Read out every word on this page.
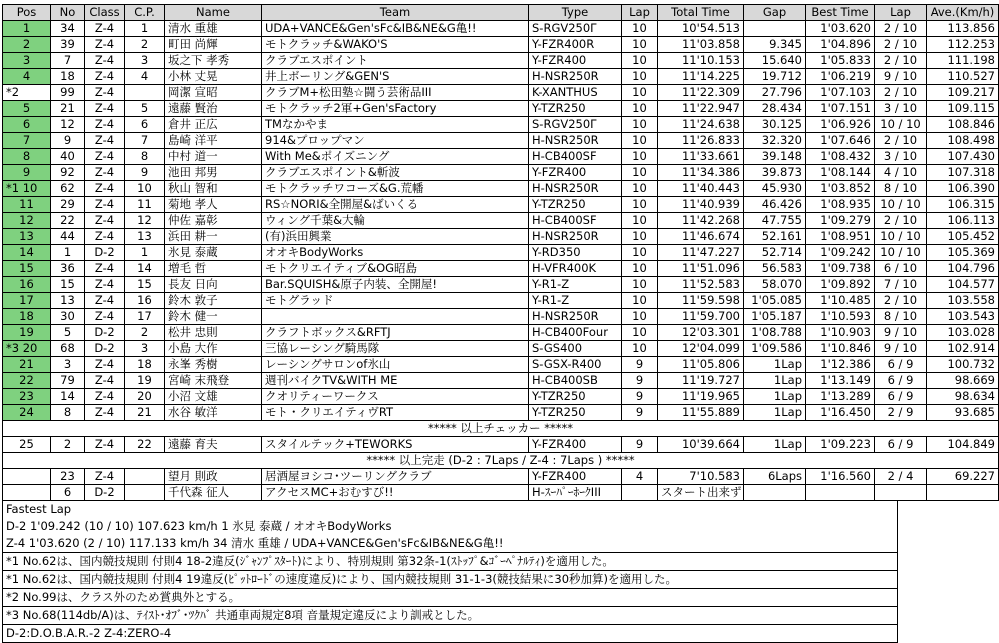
Pos	No	Class	C.P.	Name	Team	Type	Lap	Total Time	Gap	Best Time	Lap	Ave.(Km/h)
1	34	Z-4	1	清水 重雄	UDA+VANCE&Gen'sFc&IB&NE&G亀!!	S-RGV250Γ	10	10'54.513		1'03.620	2 / 10	113.856
2	39	Z-4	2	町田 尚輝	モトクラッチ&WAKO'S	Y-FZR400R	10	11'03.858	9.345	1'04.896	2 / 10	112.253
3	7	Z-4	3	坂之下 孝秀	クラブエスポイント	Y-FZR400	10	11'10.153	15.640	1'05.833	2 / 10	111.198
4	18	Z-4	4	小林 丈晃	井上ボーリング&GEN'S	H-NSR250R	10	11'14.225	19.712	1'06.219	9 / 10	110.527
*2	99	Z-4		岡潔 宣昭	クラブM+松田塾☆闘う芸術品III	K-XANTHUS	10	11'22.309	27.796	1'07.103	2 / 10	109.217
5	21	Z-4	5	遠藤 賢治	モトクラッチ2軍+Gen'sFactory	Y-TZR250	10	11'22.947	28.434	1'07.151	3 / 10	109.115
6	12	Z-4	6	倉井 正広	TMなかやま	S-RGV250Γ	10	11'24.638	30.125	1'06.926	10 / 10	108.846
7	9	Z-4	7	島崎 洋平	914&プロップマン	H-NSR250R	10	11'26.833	32.320	1'07.646	2 / 10	108.498
8	40	Z-4	8	中村 道一	With Me&ポイズニング	H-CB400SF	10	11'33.661	39.148	1'08.432	3 / 10	107.430
9	92	Z-4	9	池田 邦男	クラブエスポイント&斬波	Y-FZR400	10	11'34.386	39.873	1'08.144	4 / 10	107.318
*1 10	62	Z-4	10	秋山 智和	モトクラッチワコーズ&G.荒幡	H-NSR250R	10	11'40.443	45.930	1'03.852	8 / 10	106.390
11	29	Z-4	11	菊地 孝人	RS☆NORI&全開屋&ばいくる	Y-TZR250	10	11'40.939	46.426	1'08.935	10 / 10	106.315
12	22	Z-4	12	仲佐 嘉彰	ウィング千葉&大輪	H-CB400SF	10	11'42.268	47.755	1'09.279	2 / 10	106.113
13	44	Z-4	13	浜田 耕一	(有)浜田興業	H-NSR250R	10	11'46.674	52.161	1'08.951	10 / 10	105.452
14	1	D-2	1	氷見 泰蔵	オオキBodyWorks	Y-RD350	10	11'47.227	52.714	1'09.242	10 / 10	105.369
15	36	Z-4	14	増毛 哲	モトクリエイティブ&OG昭島	H-VFR400K	10	11'51.096	56.583	1'09.738	6 / 10	104.796
16	15	Z-4	15	長友 日向	Bar.SQUISH&原子内装、全開屋!	Y-R1-Z	10	11'52.583	58.070	1'09.892	7 / 10	104.577
17	13	Z-4	16	鈴木 敦子	モトグラッド	Y-R1-Z	10	11'59.598	1'05.085	1'10.485	2 / 10	103.558
18	30	Z-4	17	鈴木 健一		H-NSR250R	10	11'59.700	1'05.187	1'10.593	8 / 10	103.543
19	5	D-2	2	松井 忠則	クラフトボックス&RFTJ	H-CB400Four	10	12'03.301	1'08.788	1'10.903	9 / 10	103.028
*3 20	68	D-2	3	小島 大作	三協レーシング騎馬隊	S-GS400	10	12'04.099	1'09.586	1'10.846	9 / 10	102.914
21	3	Z-4	18	永峯 秀樹	レーシングサロンof氷山	S-GSX-R400	9	11'05.806	1Lap	1'12.386	6 / 9	100.732
22	79	Z-4	19	宮崎 末飛登	週刊バイクTV&WITH ME	H-CB400SB	9	11'19.727	1Lap	1'13.149	6 / 9	98.669
23	14	Z-4	20	小沼 文雄	クオリティーワークス	Y-TZR250	9	11'19.965	1Lap	1'13.289	6 / 9	98.634
24	8	Z-4	21	水谷 敏洋	モト・クリエイティヴRT	Y-TZR250	9	11'55.889	1Lap	1'16.450	2 / 9	93.685
***** 以上チェッカー *****												
25	2	Z-4	22	遠藤 育夫	スタイルテック+TEWORKS	Y-FZR400	9	10'39.664	1Lap	1'09.223	6 / 9	104.849
***** 以上完走 (D-2 : 7Laps / Z-4 : 7Laps ) *****												
	23	Z-4		望月 則政	居酒屋ヨシコ･ツーリングクラブ	Y-FZR400	4	7'10.583	6Laps	1'16.560	2 / 4	69.227
	6	D-2		千代森 征人	アクセスMC+おむすび!!	H-ｽｰﾊﾟｰﾎｰｸIII		スタート出来ず				
Fastest Lap
D-2 1'09.242 (10 / 10) 107.623 km/h 1 氷見 泰蔵 / オオキBodyWorks
Z-4 1'03.620 (2 / 10) 117.133 km/h 34 清水 重雄 / UDA+VANCE&Gen'sFc&IB&NE&G亀!!
*1 No.62は、国内競技規則 付則4 18-2違反(ｼﾞｬﾝﾌﾟｽﾀｰﾄ)により、特別規則 第32条-1(ｽﾄｯﾌﾟ&ｺﾞｰﾍﾟﾅﾙﾃｨ)を適用した。
*1 No.62は、国内競技規則 付則4 19違反(ﾋﾟｯﾄﾛｰﾄﾞの速度違反)により、国内競技規則 31-1-3(競技結果に30秒加算)を適用した。
*2 No.99は、クラス外のため賞典外とする。
*3 No.68(114db/A)は、ﾃｲｽﾄ･ｵﾌﾞ･ﾂｸﾊﾞ 共通車両規定8項 音量規定違反により訓戒とした。
D-2:D.O.B.A.R.-2 Z-4:ZERO-4
